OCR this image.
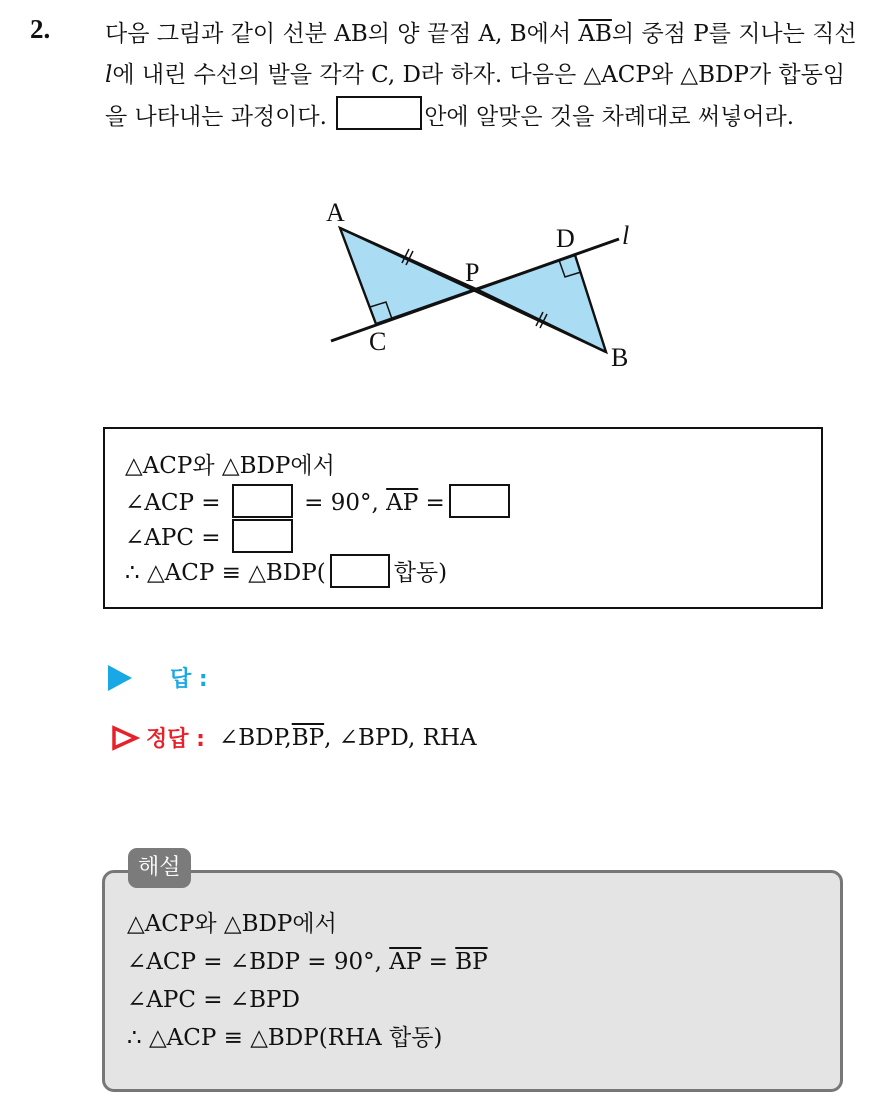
2. 다음 그림과 같이 선분 AB의 양 끝점 A, B에서 $\overline{AB}$의 중점 P를 지나는 직선 l에 내린 수선의 발을 각각 C, D라 하자. 다음은 △ACP와 △BDP가 합동임을 나타내는 과정이다.	안에 알맞은 것을 차례대로 써넣어라.

A
B
C
D
P
l
△ACP와 △BDP에서
∠ACP =	= 90°, $\overline{AP}$ =
∠APC =
∴ △ACP ≡ △BDP(	합동)
답 :
정답 : ∠BDP, $\overline{BP}$ , ∠BPD, RHA
△ACP와 △BDP에서
∠ACP = ∠BDP = 90°, $\overline{AP} = \overline{BP}$
∠APC = ∠BPD
∴ △ACP ≡ △BDP(RHA 합동)
해설
